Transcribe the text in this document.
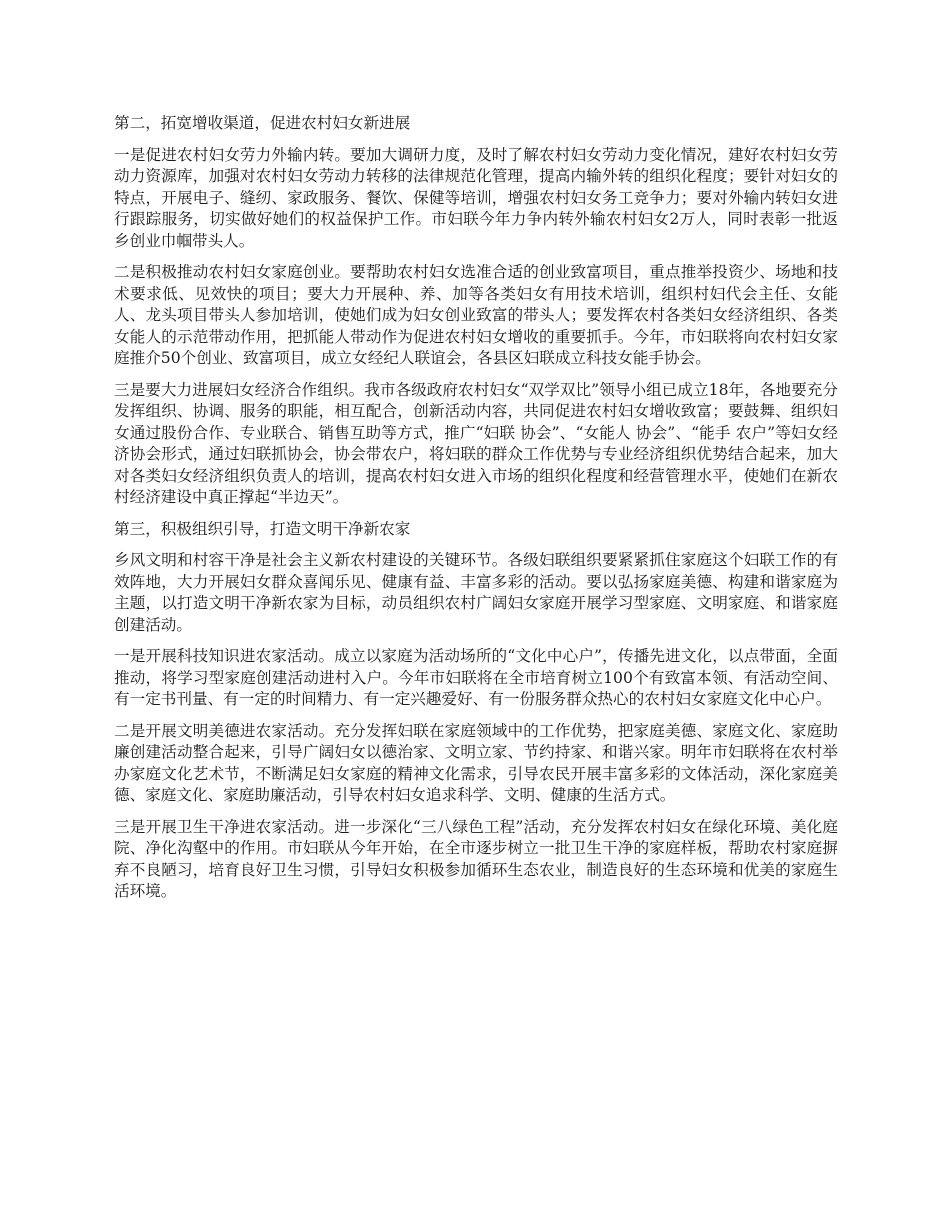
第二，拓宽增收渠道，促进农村妇女新进展

一是促进农村妇女劳力外输内转。要加大调研力度，及时了解农村妇女劳动力变化情况，建好农村妇女劳动力资源库，加强对农村妇女劳动力转移的法律规范化管理，提高内输外转的组织化程度；要针对妇女的特点，开展电子、缝纫、家政服务、餐饮、保健等培训，增强农村妇女务工竞争力；要对外输内转妇女进行跟踪服务，切实做好她们的权益保护工作。市妇联今年力争内转外输农村妇女2万人，同时表彰一批返乡创业巾帼带头人。

二是积极推动农村妇女家庭创业。要帮助农村妇女选准合适的创业致富项目，重点推举投资少、场地和技术要求低、见效快的项目；要大力开展种、养、加等各类妇女有用技术培训，组织村妇代会主任、女能人、龙头项目带头人参加培训，使她们成为妇女创业致富的带头人；要发挥农村各类妇女经济组织、各类女能人的示范带动作用，把抓能人带动作为促进农村妇女增收的重要抓手。今年，市妇联将向农村妇女家庭推介50个创业、致富项目，成立女经纪人联谊会，各县区妇联成立科技女能手协会。

三是要大力进展妇女经济合作组织。我市各级政府农村妇女“双学双比”领导小组已成立18年，各地要充分发挥组织、协调、服务的职能，相互配合，创新活动内容，共同促进农村妇女增收致富；要鼓舞、组织妇女通过股份合作、专业联合、销售互助等方式，推广“妇联 协会”、“女能人 协会”、“能手 农户”等妇女经济协会形式，通过妇联抓协会，协会带农户，将妇联的群众工作优势与专业经济组织优势结合起来，加大对各类妇女经济组织负责人的培训，提高农村妇女进入市场的组织化程度和经营管理水平，使她们在新农村经济建设中真正撑起“半边天”。

第三，积极组织引导，打造文明干净新农家

乡风文明和村容干净是社会主义新农村建设的关键环节。各级妇联组织要紧紧抓住家庭这个妇联工作的有效阵地，大力开展妇女群众喜闻乐见、健康有益、丰富多彩的活动。要以弘扬家庭美德、构建和谐家庭为主题，以打造文明干净新农家为目标，动员组织农村广阔妇女家庭开展学习型家庭、文明家庭、和谐家庭创建活动。

一是开展科技知识进农家活动。成立以家庭为活动场所的“文化中心户”，传播先进文化，以点带面，全面推动，将学习型家庭创建活动进村入户。今年市妇联将在全市培育树立100个有致富本领、有活动空间、有一定书刊量、有一定的时间精力、有一定兴趣爱好、有一份服务群众热心的农村妇女家庭文化中心户。

二是开展文明美德进农家活动。充分发挥妇联在家庭领域中的工作优势，把家庭美德、家庭文化、家庭助廉创建活动整合起来，引导广阔妇女以德治家、文明立家、节约持家、和谐兴家。明年市妇联将在农村举办家庭文化艺术节，不断满足妇女家庭的精神文化需求，引导农民开展丰富多彩的文体活动，深化家庭美德、家庭文化、家庭助廉活动，引导农村妇女追求科学、文明、健康的生活方式。

三是开展卫生干净进农家活动。进一步深化“三八绿色工程”活动，充分发挥农村妇女在绿化环境、美化庭院、净化沟壑中的作用。市妇联从今年开始，在全市逐步树立一批卫生干净的家庭样板，帮助农村家庭摒弃不良陋习，培育良好卫生习惯，引导妇女积极参加循环生态农业，制造良好的生态环境和优美的家庭生活环境。
